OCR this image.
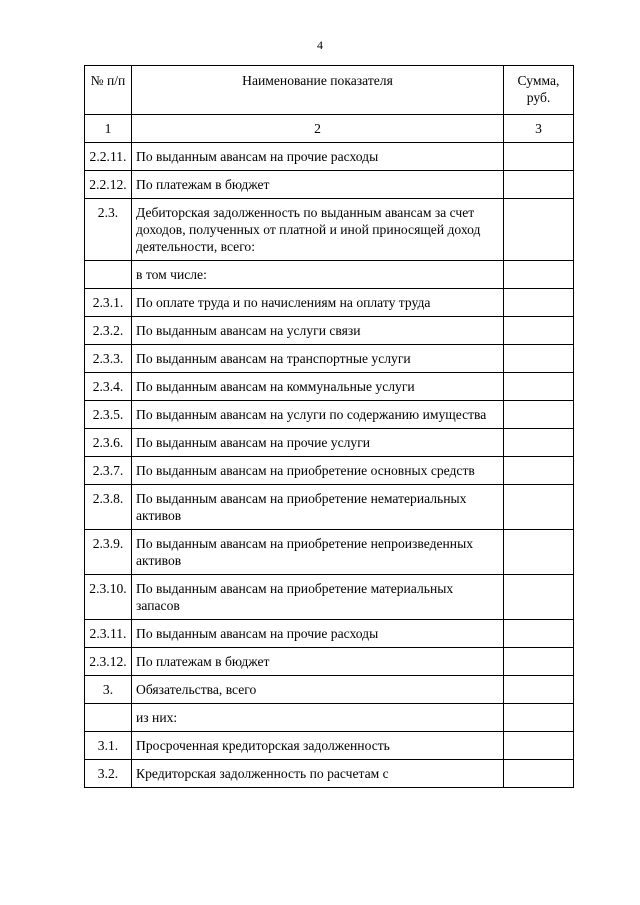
4
№ п/п	Наименование показателя	Сумма, руб.
1	2	3
2.2.11.	По выданным авансам на прочие расходы	
2.2.12.	По платежам в бюджет	
2.3.	Дебиторская задолженность по выданным авансам за счет доходов, полученных от платной и иной приносящей доход деятельности, всего:	
	в том числе:	
2.3.1.	По оплате труда и по начислениям на оплату труда	
2.3.2.	По выданным авансам на услуги связи	
2.3.3.	По выданным авансам на транспортные услуги	
2.3.4.	По выданным авансам на коммунальные услуги	
2.3.5.	По выданным авансам на услуги по содержанию имущества	
2.3.6.	По выданным авансам на прочие услуги	
2.3.7.	По выданным авансам на приобретение основных средств	
2.3.8.	По выданным авансам на приобретение нематериальных активов	
2.3.9.	По выданным авансам на приобретение непроизведенных активов	
2.3.10.	По выданным авансам на приобретение материальных запасов	
2.3.11.	По выданным авансам на прочие расходы	
2.3.12.	По платежам в бюджет	
3.	Обязательства, всего	
	из них:	
3.1.	Просроченная кредиторская задолженность	
3.2.	Кредиторская задолженность по расчетам с	
